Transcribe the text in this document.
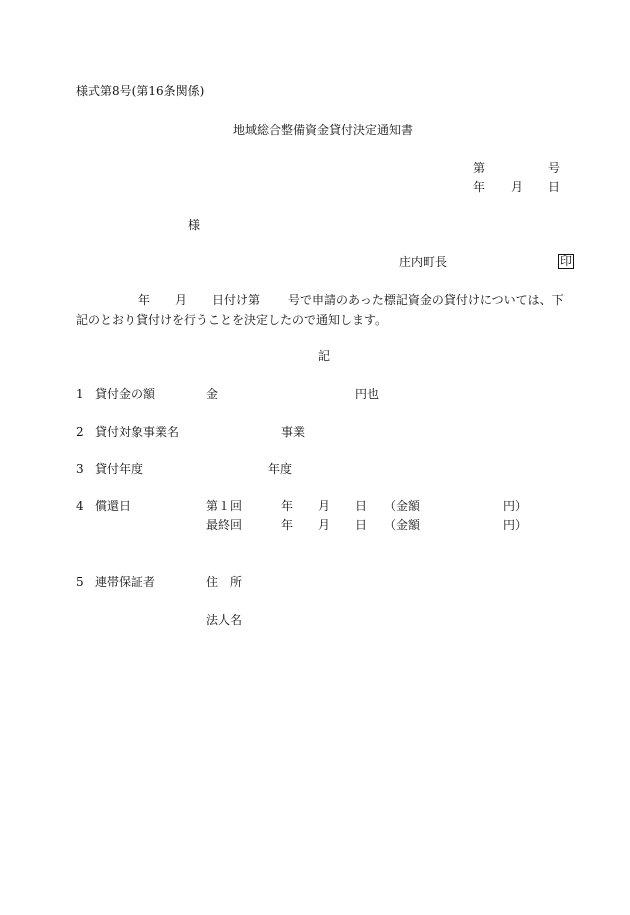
様式第8号(第16条関係)
地域総合整備資金貸付決定通知書
第	号
年 月 日
様
庄内町長	印
年 月 日付け第 号で申請のあった標記資金の貸付けについては、下
記のとおり貸付けを行うことを決定したので通知します。
記
1 貸付金の額	金	円也
2 貸付対象事業名	事業
3 貸付年度	年度
4 償還日	第１回	年 月 日 （金額	円）
最終回	年 月 日 （金額	円）
5 連帯保証者	住　所
法人名
